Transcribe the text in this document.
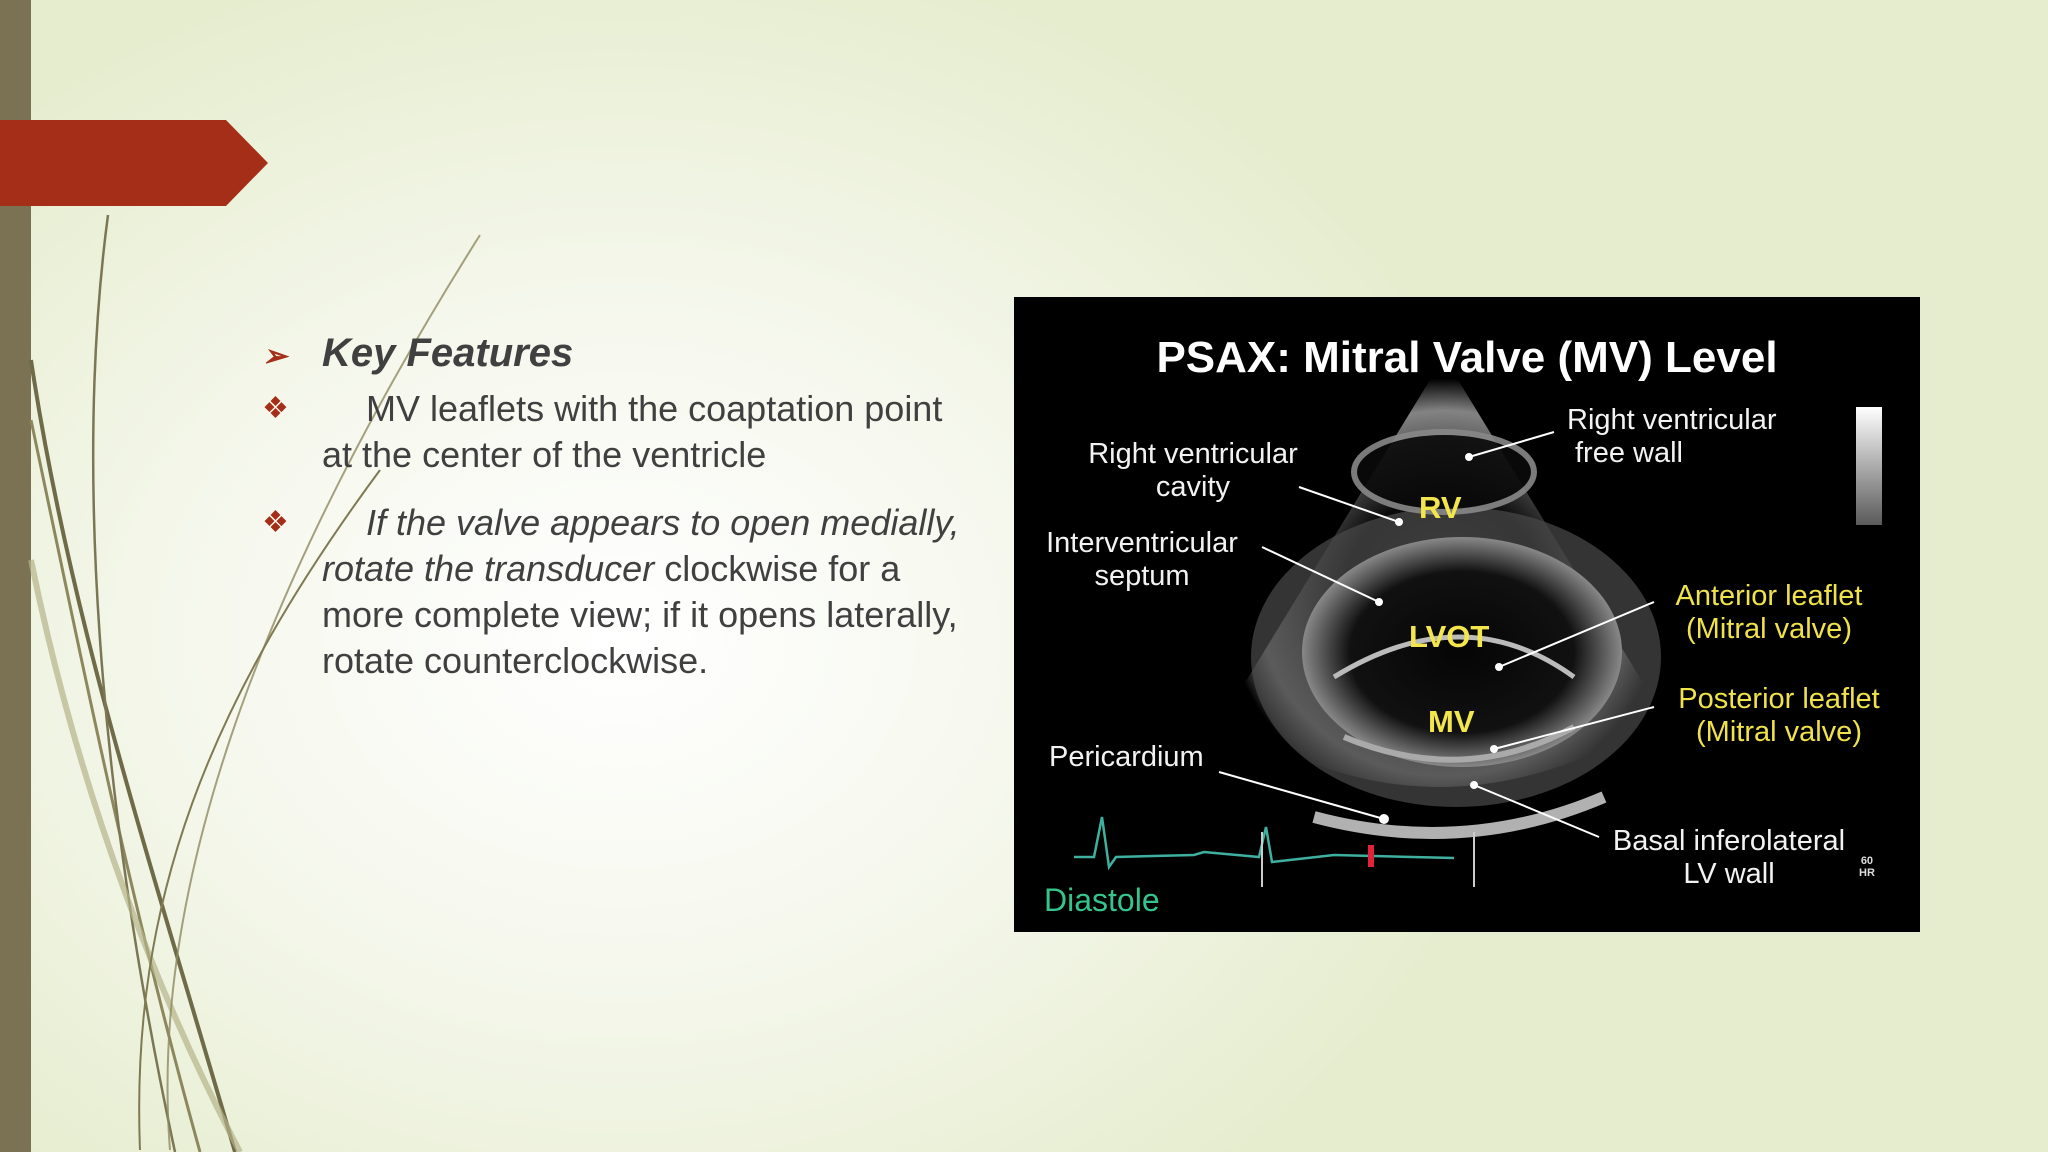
➢ Key Features
❖ MV leaflets with the coaptation point at the center of the ventricle
❖ If the valve appears to open medially, rotate the transducer clockwise for a more complete view; if it opens laterally, rotate counterclockwise.
PSAX: Mitral Valve (MV) Level
Right ventricular
free wall
Right ventricular
cavity
Interventricular
septum
Anterior leaflet
(Mitral valve)
Posterior leaflet
(Mitral valve)
Pericardium
Basal inferolateral
LV wall
RV
LVOT
MV
Diastole
60
HR
